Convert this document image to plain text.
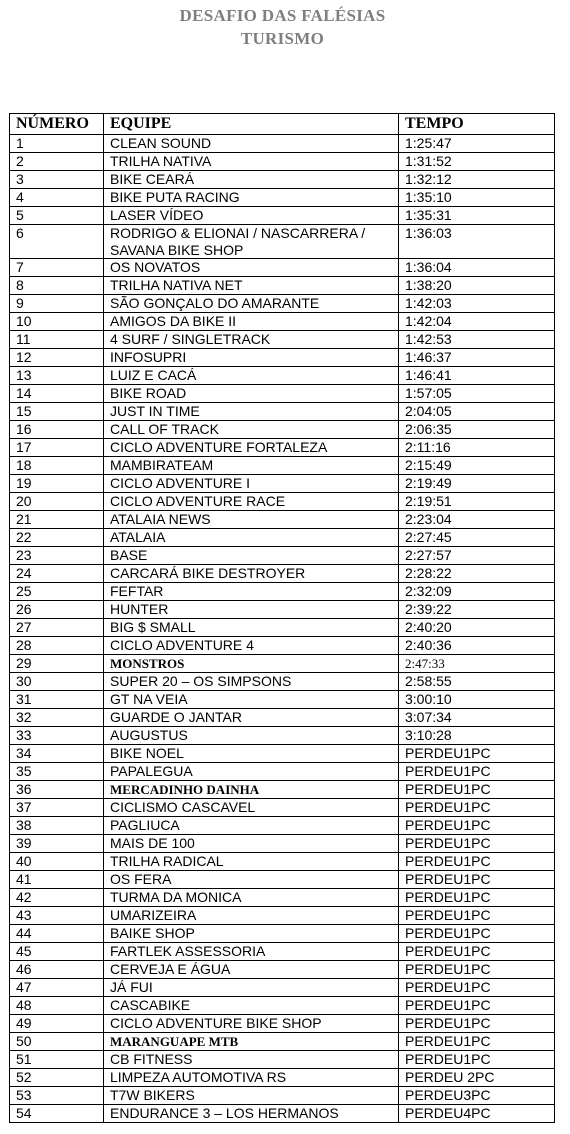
DESAFIO DAS FALÉSIAS
TURISMO
NÚMERO	EQUIPE	TEMPO
1	CLEAN SOUND	1:25:47
2	TRILHA NATIVA	1:31:52
3	BIKE CEARÁ	1:32:12
4	BIKE PUTA RACING	1:35:10
5	LASER VÍDEO	1:35:31
6	RODRIGO & ELIONAI / NASCARRERA / SAVANA BIKE SHOP	1:36:03
7	OS NOVATOS	1:36:04
8	TRILHA NATIVA NET	1:38:20
9	SÃO GONÇALO DO AMARANTE	1:42:03
10	AMIGOS DA BIKE II	1:42:04
11	4 SURF / SINGLETRACK	1:42:53
12	INFOSUPRI	1:46:37
13	LUIZ E CACÁ	1:46:41
14	BIKE ROAD	1:57:05
15	JUST IN TIME	2:04:05
16	CALL OF TRACK	2:06:35
17	CICLO ADVENTURE FORTALEZA	2:11:16
18	MAMBIRATEAM	2:15:49
19	CICLO ADVENTURE I	2:19:49
20	CICLO ADVENTURE RACE	2:19:51
21	ATALAIA NEWS	2:23:04
22	ATALAIA	2:27:45
23	BASE	2:27:57
24	CARCARÁ BIKE DESTROYER	2:28:22
25	FEFTAR	2:32:09
26	HUNTER	2:39:22
27	BIG $ SMALL	2:40:20
28	CICLO ADVENTURE 4	2:40:36
29	MONSTROS	2:47:33
30	SUPER 20 – OS SIMPSONS	2:58:55
31	GT NA VEIA	3:00:10
32	GUARDE O JANTAR	3:07:34
33	AUGUSTUS	3:10:28
34	BIKE NOEL	PERDEU1PC
35	PAPALEGUA	PERDEU1PC
36	MERCADINHO DAINHA	PERDEU1PC
37	CICLISMO CASCAVEL	PERDEU1PC
38	PAGLIUCA	PERDEU1PC
39	MAIS DE 100	PERDEU1PC
40	TRILHA RADICAL	PERDEU1PC
41	OS FERA	PERDEU1PC
42	TURMA DA MONICA	PERDEU1PC
43	UMARIZEIRA	PERDEU1PC
44	BAIKE SHOP	PERDEU1PC
45	FARTLEK ASSESSORIA	PERDEU1PC
46	CERVEJA E ÁGUA	PERDEU1PC
47	JÁ FUI	PERDEU1PC
48	CASCABIKE	PERDEU1PC
49	CICLO ADVENTURE BIKE SHOP	PERDEU1PC
50	MARANGUAPE MTB	PERDEU1PC
51	CB FITNESS	PERDEU1PC
52	LIMPEZA AUTOMOTIVA RS	PERDEU 2PC
53	T7W BIKERS	PERDEU3PC
54	ENDURANCE 3 – LOS HERMANOS	PERDEU4PC
